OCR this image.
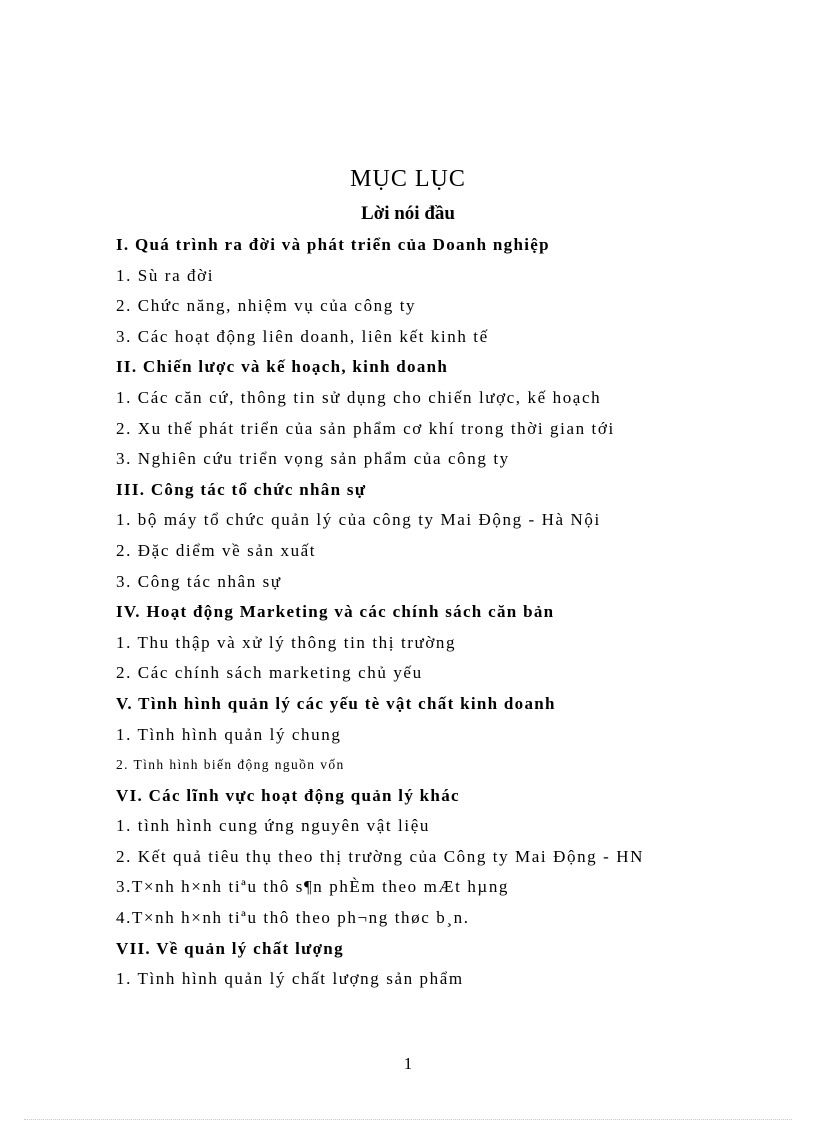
MỤC LỤC
Lời nói đầu
I. Quá trình ra đời và phát triển của Doanh nghiệp
1. Sù ra đời
2. Chức năng, nhiệm vụ của công ty
3. Các hoạt động liên doanh, liên kết kinh tế
II. Chiến lược và kế hoạch, kinh doanh
1. Các căn cứ, thông tin sử dụng cho chiến lược, kế hoạch
2. Xu thế phát triển của sản phẩm cơ khí trong thời gian tới
3. Nghiên cứu triển vọng sản phẩm của công ty
III. Công tác tổ chức nhân sự
1. bộ máy tổ chức quản lý của công ty Mai Động - Hà Nội
2. Đặc diểm về sản xuất
3. Công tác nhân sự
IV. Hoạt động Marketing và các chính sách căn bản
1. Thu thập và xử lý thông tin thị trường
2. Các chính sách marketing chủ yếu
V. Tình hình quản lý các yếu tè vật chất kinh doanh
1. Tình hình quản lý chung
2. Tình hình biến động nguồn vốn
VI. Các lĩnh vực hoạt động quản lý khác
1. tình hình cung ứng nguyên vật liệu
2. Kết quả tiêu thụ theo thị trường của Công ty Mai Động - HN
3.T×nh h×nh tiªu thô s¶n phÈm theo mÆt hµng
4.T×nh h×nh tiªu thô theo ph¬ng thøc b¸n.
VII. Về quản lý chất lượng
1. Tình hình quản lý chất lượng sản phẩm
1
